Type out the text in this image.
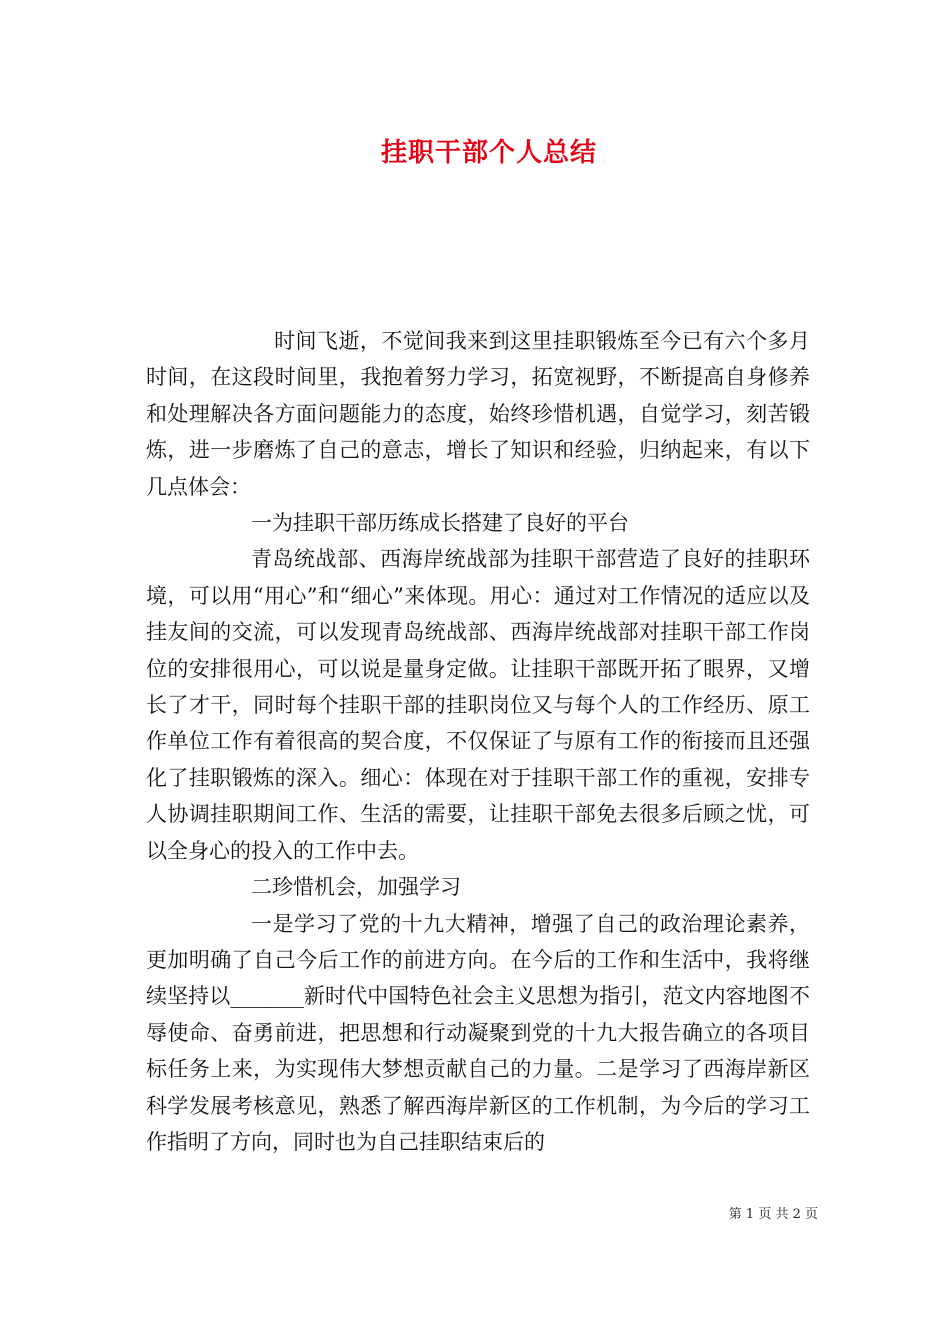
挂职干部个人总结

时间飞逝，不觉间我来到这里挂职锻炼至今已有六个多月时间，在这段时间里，我抱着努力学习，拓宽视野，不断提高自身修养和处理解决各方面问题能力的态度，始终珍惜机遇，自觉学习，刻苦锻炼，进一步磨炼了自己的意志，增长了知识和经验，归纳起来，有以下几点体会：

一为挂职干部历练成长搭建了良好的平台

青岛统战部、西海岸统战部为挂职干部营造了良好的挂职环境，可以用“用心”和“细心”来体现。用心：通过对工作情况的适应以及挂友间的交流，可以发现青岛统战部、西海岸统战部对挂职干部工作岗位的安排很用心，可以说是量身定做。让挂职干部既开拓了眼界，又增长了才干，同时每个挂职干部的挂职岗位又与每个人的工作经历、原工作单位工作有着很高的契合度，不仅保证了与原有工作的衔接而且还强化了挂职锻炼的深入。细心：体现在对于挂职干部工作的重视，安排专人协调挂职期间工作、生活的需要，让挂职干部免去很多后顾之忧，可以全身心的投入的工作中去。

二珍惜机会，加强学习

一是学习了党的十九大精神，增强了自己的政治理论素养，更加明确了自己今后工作的前进方向。在今后的工作和生活中，我将继续坚持以_______新时代中国特色社会主义思想为指引，范文内容地图不辱使命、奋勇前进，把思想和行动凝聚到党的十九大报告确立的各项目标任务上来，为实现伟大梦想贡献自己的力量。二是学习了西海岸新区科学发展考核意见，熟悉了解西海岸新区的工作机制，为今后的学习工作指明了方向，同时也为自己挂职结束后的

第 1 页 共 2 页
